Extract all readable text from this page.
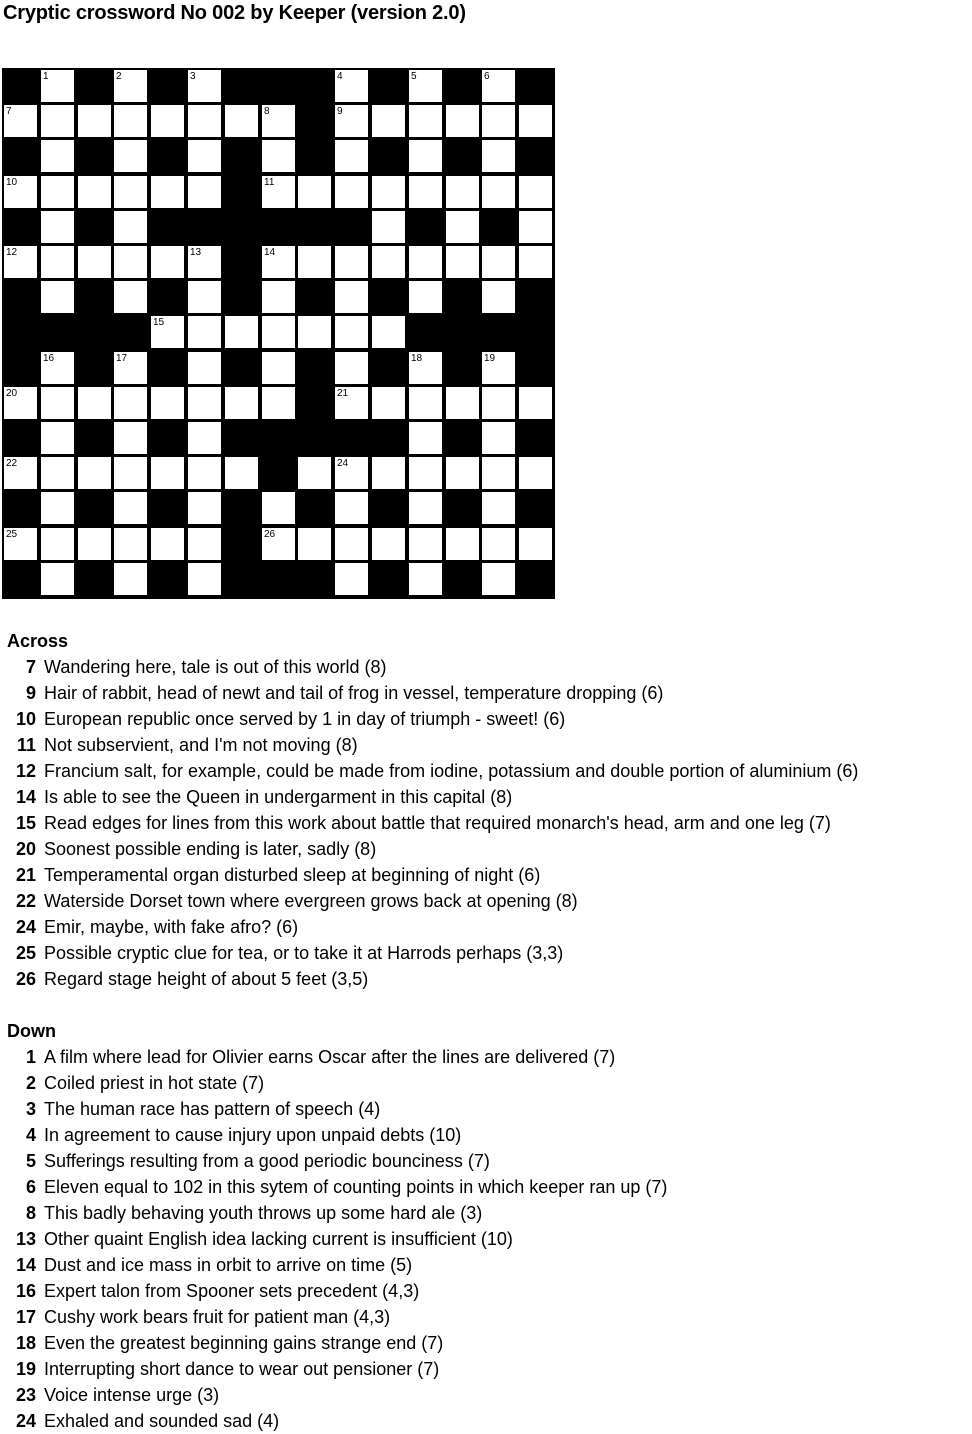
Cryptic crossword No 002 by Keeper (version 2.0)
1	2	3	4	5	6
7	8	9
10	11
12	13	14
15
16	17	18	19
20	21
22	24
25	26
Across
7 Wandering here, tale is out of this world (8)
9 Hair of rabbit, head of newt and tail of frog in vessel, temperature dropping (6)
10 European republic once served by 1 in day of triumph - sweet! (6)
11 Not subservient, and I'm not moving (8)
12 Francium salt, for example, could be made from iodine, potassium and double portion of aluminium (6)
14 Is able to see the Queen in undergarment in this capital (8)
15 Read edges for lines from this work about battle that required monarch's head, arm and one leg (7)
20 Soonest possible ending is later, sadly (8)
21 Temperamental organ disturbed sleep at beginning of night (6)
22 Waterside Dorset town where evergreen grows back at opening (8)
24 Emir, maybe, with fake afro? (6)
25 Possible cryptic clue for tea, or to take it at Harrods perhaps (3,3)
26 Regard stage height of about 5 feet (3,5)
Down
1 A film where lead for Olivier earns Oscar after the lines are delivered (7)
2 Coiled priest in hot state (7)
3 The human race has pattern of speech (4)
4 In agreement to cause injury upon unpaid debts (10)
5 Sufferings resulting from a good periodic bounciness (7)
6 Eleven equal to 102 in this sytem of counting points in which keeper ran up (7)
8 This badly behaving youth throws up some hard ale (3)
13 Other quaint English idea lacking current is insufficient (10)
14 Dust and ice mass in orbit to arrive on time (5)
16 Expert talon from Spooner sets precedent (4,3)
17 Cushy work bears fruit for patient man (4,3)
18 Even the greatest beginning gains strange end (7)
19 Interrupting short dance to wear out pensioner (7)
23 Voice intense urge (3)
24 Exhaled and sounded sad (4)
